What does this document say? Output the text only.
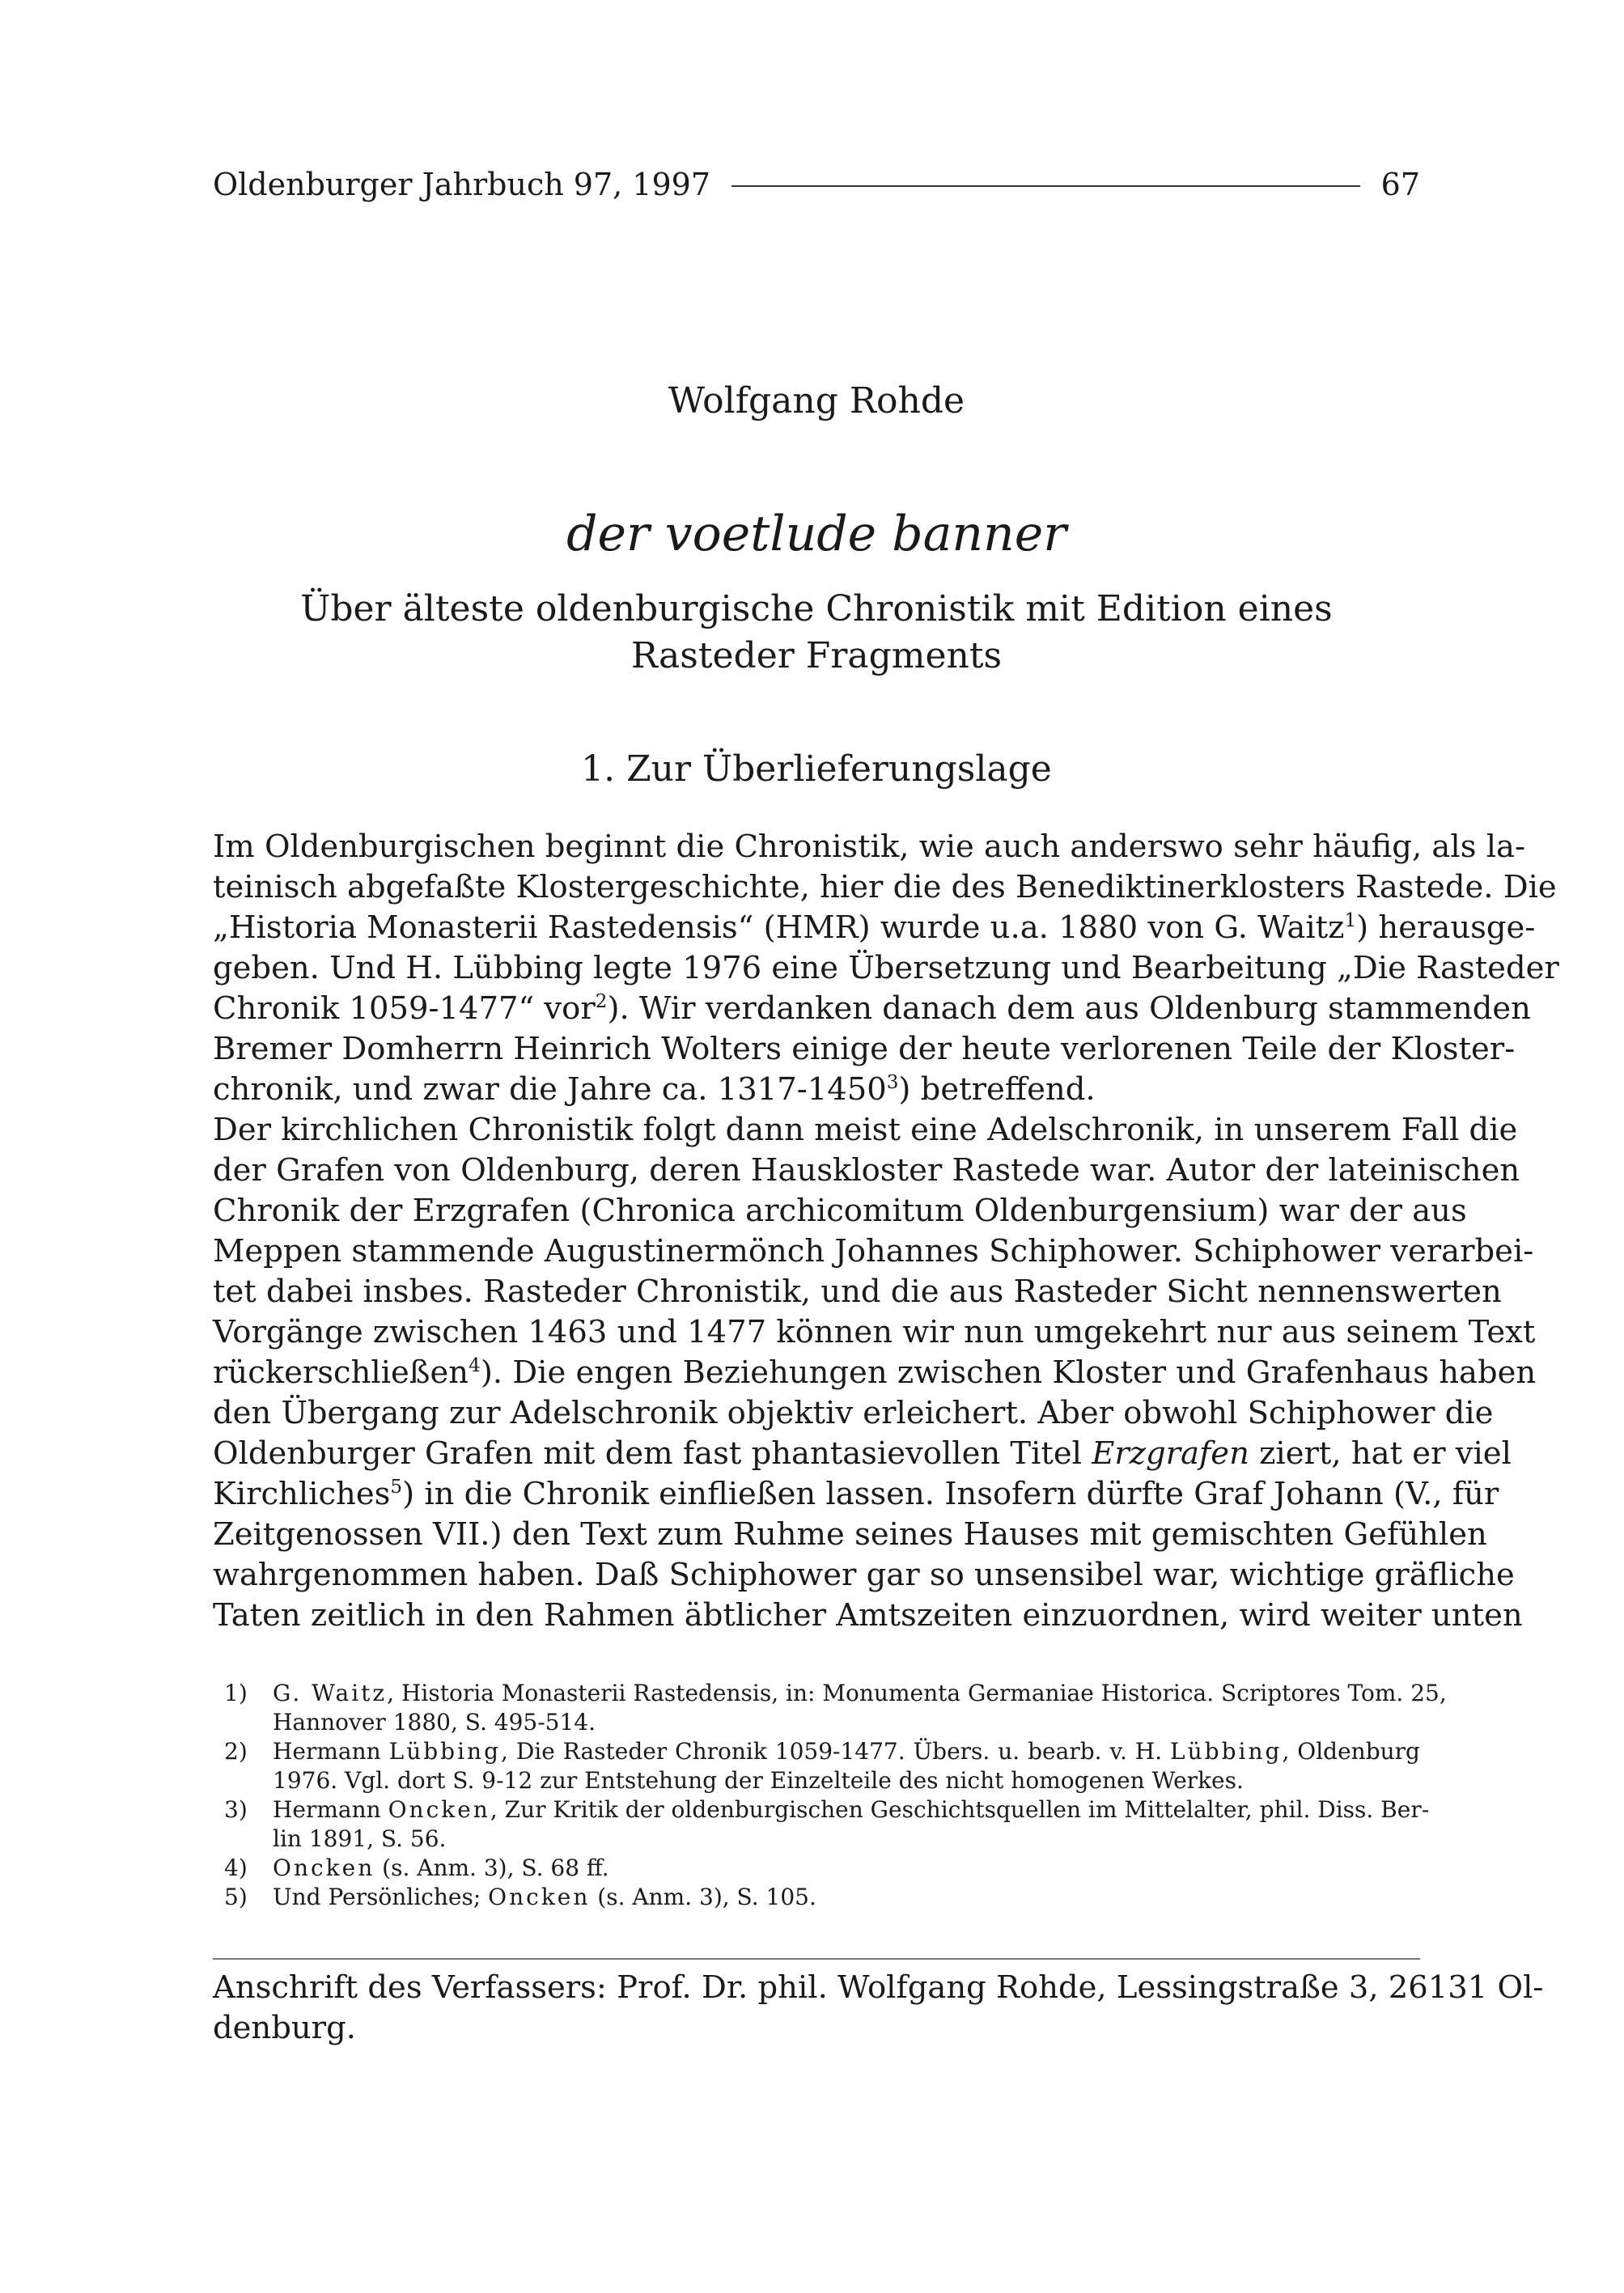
Oldenburger Jahrbuch 97, 1997	67
Wolfgang Rohde
der voetlude banner
Über älteste oldenburgische Chronistik mit Edition eines
Rasteder Fragments
1. Zur Überlieferungslage
Im Oldenburgischen beginnt die Chronistik, wie auch anderswo sehr häufig, als la-
teinisch abgefaßte Klostergeschichte, hier die des Benediktinerklosters Rastede. Die
„Historia Monasterii Rastedensis“ (HMR) wurde u.a. 1880 von G. Waitz$^1$) herausge-
geben. Und H. Lübbing legte 1976 eine Übersetzung und Bearbeitung „Die Rasteder
Chronik 1059-1477“ vor$^2$). Wir verdanken danach dem aus Oldenburg stammenden
Bremer Domherrn Heinrich Wolters einige der heute verlorenen Teile der Kloster-
chronik, und zwar die Jahre ca. 1317-1450$^3$) betreffend.
Der kirchlichen Chronistik folgt dann meist eine Adelschronik, in unserem Fall die
der Grafen von Oldenburg, deren Hauskloster Rastede war. Autor der lateinischen
Chronik der Erzgrafen (Chronica archicomitum Oldenburgensium) war der aus
Meppen stammende Augustinermönch Johannes Schiphower. Schiphower verarbei-
tet dabei insbes. Rasteder Chronistik, und die aus Rasteder Sicht nennenswerten
Vorgänge zwischen 1463 und 1477 können wir nun umgekehrt nur aus seinem Text
rückerschließen$^4$). Die engen Beziehungen zwischen Kloster und Grafenhaus haben
den Übergang zur Adelschronik objektiv erleichert. Aber obwohl Schiphower die
Oldenburger Grafen mit dem fast phantasievollen Titel Erzgrafen ziert, hat er viel
Kirchliches$^5$) in die Chronik einfließen lassen. Insofern dürfte Graf Johann (V., für
Zeitgenossen VII.) den Text zum Ruhme seines Hauses mit gemischten Gefühlen
wahrgenommen haben. Daß Schiphower gar so unsensibel war, wichtige gräfliche
Taten zeitlich in den Rahmen äbtlicher Amtszeiten einzuordnen, wird weiter unten
1) G. Waitz, Historia Monasterii Rastedensis, in: Monumenta Germaniae Historica. Scriptores Tom. 25,
Hannover 1880, S. 495-514.
2) Hermann Lübbing, Die Rasteder Chronik 1059-1477. Übers. u. bearb. v. H. Lübbing, Oldenburg
1976. Vgl. dort S. 9-12 zur Entstehung der Einzelteile des nicht homogenen Werkes.
3) Hermann Oncken, Zur Kritik der oldenburgischen Geschichtsquellen im Mittelalter, phil. Diss. Ber-
lin 1891, S. 56.
4) Oncken (s. Anm. 3), S. 68 ff.
5) Und Persönliches; Oncken (s. Anm. 3), S. 105.
Anschrift des Verfassers: Prof. Dr. phil. Wolfgang Rohde, Lessingstraße 3, 26131 Ol-
denburg.
